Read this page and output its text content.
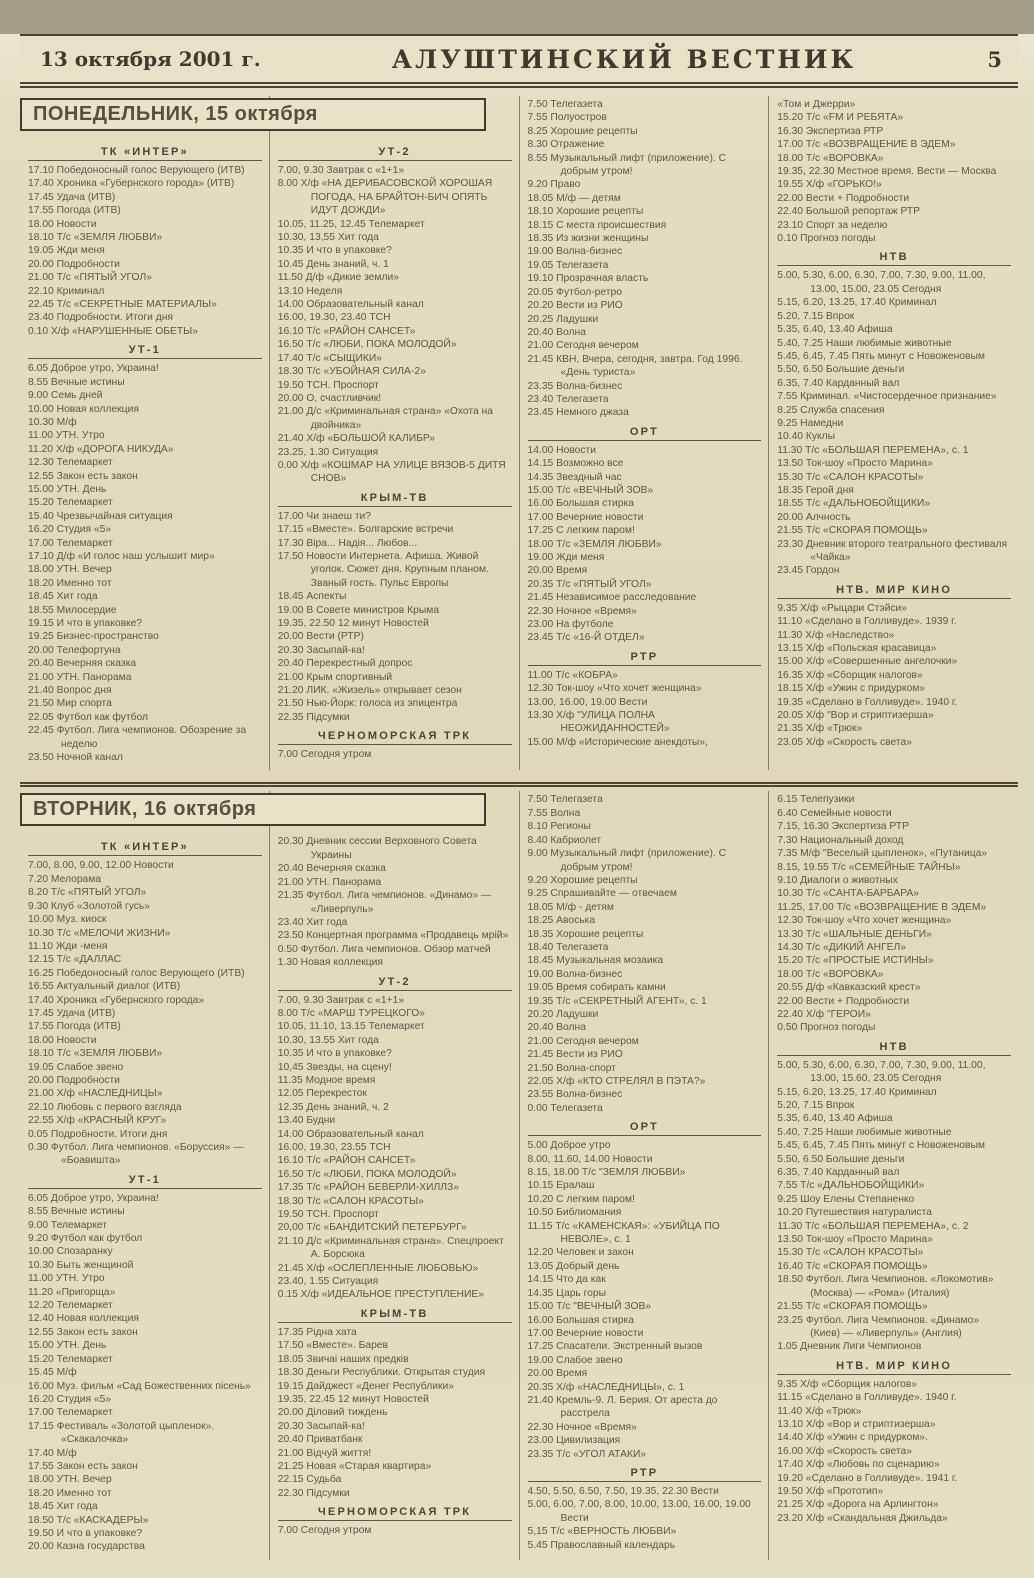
13 октября 2001 г.	АЛУШТИНСКИЙ ВЕСТНИК	5
ПОНЕДЕЛЬНИК, 15 октября
ТК «ИНТЕР»
17.10 Победоносный голос Верующего (ИТВ)
17.40 Хроника «Губернского города» (ИТВ)
17.45 Удача (ИТВ)
17.55 Погода (ИТВ)
18.00 Новости
18.10 Т/с «ЗЕМЛЯ ЛЮБВИ»
19.05 Жди меня
20.00 Подробности
21.00 Т/с «ПЯТЫЙ УГОЛ»
22.10 Криминал
22.45 Т/с «СЕКРЕТНЫЕ МАТЕРИАЛЫ»
23.40 Подробности. Итоги дня
0.10 Х/ф «НАРУШЕННЫЕ ОБЕТЫ»
УТ-1
6.05 Доброе утро, Украина!
8.55 Вечные истины
9.00 Семь дней
10.00 Новая коллекция
10.30 М/ф
11.00 УТН. Утро
11.20 Х/ф «ДОРОГА НИКУДА»
12.30 Телемаркет
12.55 Закон есть закон
15.00 УТН. День
15.20 Телемаркет
15.40 Чрезвычайная ситуация
16.20 Студия «5»
17.00 Телемаркет
17.10 Д/ф «И голос наш услышит мир»
18.00 УТН. Вечер
18.20 Именно тот
18.45 Хит года
18.55 Милосердие
19.15 И что в упаковке?
19.25 Бизнес-пространство
20.00 Телефортуна
20.40 Вечерняя сказка
21.00 УТН. Панорама
21.40 Вопрос дня
21.50 Мир спорта
22.05 Футбол как футбол
22.45 Футбол. Лига чемпионов. Обозрение за неделю
23.50 Ночной канал
УТ-2
7.00, 9.30 Завтрак с «1+1»
8.00 Х/ф «НА ДЕРИБАСОВСКОЙ ХОРОШАЯ ПОГОДА, НА БРАЙТОН-БИЧ ОПЯТЬ ИДУТ ДОЖДИ»
10.05, 11.25, 12.45 Телемаркет
10.30, 13,55 Хит года
10.35 И что в упаковке?
10.45 День знаний, ч. 1
11.50 Д/ф «Дикие земли»
13.10 Неделя
14.00 Образовательный канал
16.00, 19.30, 23.40 ТСН
16.10 Т/с «РАЙОН САНСЕТ»
16.50 Т/с «ЛЮБИ, ПОКА МОЛОДОЙ»
17.40 Т/с «СЫЩИКИ»
18.30 Т/с «УБОЙНАЯ СИЛА-2»
19.50 ТСН. Проспорт
20.00 О, счастливчик!
21.00 Д/с «Криминальная страна» «Охота на двойника»
21.40 Х/ф «БОЛЬШОЙ КАЛИБР»
23.25, 1.30 Ситуация
0.00 Х/ф «КОШМАР НА УЛИЦЕ ВЯЗОВ-5 ДИТЯ СНОВ»
КРЫМ-ТВ
17.00 Чи знаеш ти?
17.15 «Вместе». Болгарские встречи
17.30 Віра... Надія... Любов...
17.50 Новости Интернета. Афиша. Живой уголок. Сюжет дня. Крупным планом. Званый гость. Пульс Европы
18.45 Аспекты
19.00 В Совете министров Крыма
19.35, 22.50 12 минут Новостей
20.00 Вести (РТР)
20.30 Засыпай-ка!
20.40 Перекрестный допрос
21.00 Крым спортивный
21.20 ЛИК. «Жизель» открывает сезон
21.50 Нью-Йорк: голоса из эпицентра
22.35 Підсумки
ЧЕРНОМОРСКАЯ ТРК
7.00 Сегодня утром
7.50 Телегазета
7.55 Полуостров
8.25 Хорошие рецепты
8.30 Отражение
8.55 Музыкальный лифт (приложение). С добрым утром!
9.20 Право
18.05 М/ф — детям
18.10 Хорошие рецепты
18.15 С места происшествия
18.35 Из жизни женщины
19.00 Волна-бизнес
19.05 Телегазета
19.10 Прозрачная власть
20.05 Футбол-ретро
20.20 Вести из РИО
20.25 Ладушки
20.40 Волна
21.00 Сегодня вечером
21.45 КВН, Вчера, сегодня, завтра. Год 1996. «День туриста»
23.35 Волна-бизнес
23.40 Телегазета
23.45 Немного джаза
ОРТ
14.00 Новости
14.15 Возможно все
14.35 Звездный час
15.00 Т/с «ВЕЧНЫЙ ЗОВ»
16.00 Большая стирка
17.00 Вечерние новости
17.25 С легким паром!
18.00 Т/с «ЗЕМЛЯ ЛЮБВИ»
19.00 Жди меня
20.00 Время
20.35 Т/с «ПЯТЫЙ УГОЛ»
21.45 Независимое расследование
22.30 Ночное «Время»
23.00 На футболе
23.45 Т/с «16-Й ОТДЕЛ»
РТР
11.00 Т/с «КОБРА»
12.30 Ток-шоу «Что хочет женщина»
13.00, 16.00, 19.00 Вести
13.30 Х/ф "УЛИЦА ПОЛНА НЕОЖИДАННОСТЕЙ»
15.00 М/ф «Исторические анекдоты»,
«Том и Джерри»
15.20 Т/с «FM И РЕБЯТА»
16.30 Экспертиза РТР
17.00 Т/с «ВОЗВРАЩЕНИЕ В ЭДЕМ»
18.00 Т/с «ВОРОВКА»
19.35, 22.30 Местное время. Вести — Москва
19.55 Х/ф «ГОРЬКО!»
22.00 Вести + Подробности
22.40 Большой репортаж РТР
23.10 Спорт за неделю
0.10 Прогноз погоды
НТВ
5.00, 5.30, 6.00, 6.30, 7.00, 7.30, 9.00, 11.00, 13.00, 15.00, 23.05 Сегодня
5.15, 6.20, 13.25, 17.40 Криминал
5.20, 7.15 Впрок
5.35, 6.40, 13.40 Афиша
5.40, 7.25 Наши любимые животные
5.45, 6.45, 7.45 Пять минут с Новоженовым
5.50, 6.50 Большие деньги
6.35, 7.40 Карданный вал
7.55 Криминал. «Чистосердечное признание»
8.25 Служба спасения
9.25 Намедни
10.40 Куклы
11.30 Т/с «БОЛЬШАЯ ПЕРЕМЕНА», с. 1
13.50 Ток-шоу «Просто Марина»
15.30 Т/с «САЛОН КРАСОТЫ»
18.35 Герой дня
18.55 Т/с «ДАЛЬНОБОЙЩИКИ»
20.00 Алчность
21.55 Т/с «СКОРАЯ ПОМОЩЬ»
23.30 Дневник второго театрального фестиваля «Чайка»
23.45 Гордон
НТВ. МИР КИНО
9.35 Х/ф «Рыцари Стэйси»
11.10 «Сделано в Голливуде». 1939 г.
11.30 Х/ф «Наследство»
13.15 Х/ф «Польская красавица»
15.00 Х/ф «Совершенные ангелочки»
16.35 Х/ф «Сборщик налогов»
18.15 Х/ф «Ужин с придурком»
19.35 «Сделано в Голливуде». 1940 г.
20.05 Х/ф "Вор и стриптизерша»
21.35 Х/ф «Трюк»
23.05 Х/ф «Скорость света»
ВТОРНИК, 16 октября
ТК «ИНТЕР»
7.00, 8.00, 9.00, 12.00 Новости
7.20 Мелорама
8.20 Т/с «ПЯТЫЙ УГОЛ»
9.30 Клуб «Золотой гусь»
10.00 Муз. киоск
10.30 Т/с «МЕЛОЧИ ЖИЗНИ»
11.10 Жди -меня
12.15 Т/с «ДАЛЛАС
16.25 Победоносный голос Верующего (ИТВ)
16.55 Актуальный диалог (ИТВ)
17.40 Хроника «Губернского города»
17.45 Удача (ИТВ)
17.55 Погода (ИТВ)
18.00 Новости
18.10 Т/с «ЗЕМЛЯ ЛЮБВИ»
19.05 Слабое звено
20.00 Подробности
21.00 Х/ф «НАСЛЕДНИЦЫ»
22.10 Любовь с первого взгляда
22.55 Х/ф «КРАСНЫЙ КРУГ»
0.05 Подробности. Итоги дня
0.30 Футбол. Лига чемпионов. «Боруссия» — «Боавишта»
УТ-1
6.05 Доброе утро, Украина!
8.55 Вечные истины
9.00 Телемаркет
9.20 Футбол как футбол
10.00 Спозаранку
10.30 Быть женщиной
11.00 УТН. Утро
11.20 «Пригорща»
12.20 Телемаркет
12.40 Новая коллекция
12.55 Закон есть закон
15.00 УТН. День
15.20 Телемаркет
15.45 М/ф
16.00 Муз. фильм «Сад Божественних пісень»
16.20 Студия «5»
17.00 Телемаркет
17.15 Фестиваль «Золотой цыпленок». «Скакалочка»
17.40 М/ф
17.55 Закон есть закон
18.00 УТН. Вечер
18.20 Именно тот
18.45 Хит года
18.50 Т/с «КАСКАДЕРЫ»
19.50 И что в упаковке?
20.00 Казна государства
20.30 Дневник сессии Верховного Совета Украины
20.40 Вечерняя сказка
21.00 УТН. Панорама
21.35 Футбол. Лига чемпионов. «Динамо» — «Ливерпуль»
23.40 Хит года
23.50 Концертная программа «Продавець мрій»
0.50 Футбол. Лига чемпионов. Обзор матчей
1.30 Новая коллекция
УТ-2
7.00, 9.30 Завтрак с «1+1»
8.00 Т/с «МАРШ ТУРЕЦКОГО»
10.05, 11.10, 13.15 Телемаркет
10.30, 13.55 Хит года
10.35 И что в упаковке?
10,45 Звезды, на сцену!
11.35 Модное время
12.05 Перекресток
12.35 День знаний, ч. 2
13.40 Будни
14.00 Образовательный канал
16.00, 19.30, 23.55 ТСН
16.10 Т/с «РАЙОН САНСЕТ»
16.50 Т/с «ЛЮБИ, ПОКА МОЛОДОЙ»
17.35 Т/с «РАЙОН БЕВЕРЛИ-ХИЛЛЗ»
18.30 Т/с «САЛОН КРАСОТЫ»
19.50 ТСН. Проспорт
20,00 Т/с «БАНДИТСКИЙ ПЕТЕРБУРГ»
21.10 Д/с «Криминальная страна». Спецпроект А. Борсюка
21.45 Х/ф «ОСЛЕПЛЕННЫЕ ЛЮБОВЬЮ»
23.40, 1.55 Ситуация
0.15 Х/ф «ИДЕАЛЬНОЕ ПРЕСТУПЛЕНИЕ»
КРЫМ-ТВ
17.35 Рідна хата
17.50 «Вместе». Барев
18.05 Звичаі наших предків
18.30 Деньги Республики. Открытая студия
19.15 Дайджест «Денег Республики»
19.35, 22.45 12 минут Новостей
20.00 Діловий тиждень
20.30 Засыпай-ка!
20.40 Приватбанк
21.00 Відчуй життя!
21.25 Новая «Старая квартира»
22.15 Судьба
22.30 Підсумки
ЧЕРНОМОРСКАЯ ТРК
7.00 Сегодня утром
7.50 Телегазета
7.55 Волна
8.10 Регионы
8.40 Кабриолет
9.00 Музыкальный лифт (приложение). С добрым утром!
9.20 Хорошие рецепты
9.25 Спрашивайте — отвечаем
18.05 М/ф - детям
18.25 Авоська
18.35 Хорошие рецепты
18.40 Телегазета
18.45 Музыкальная мозаика
19.00 Волна-бизнес
19.05 Время собирать камни
19.35 Т/с «СЕКРЕТНЫЙ АГЕНТ», с. 1
20.20 Ладушки
20.40 Волна
21.00 Сегодня вечером
21.45 Вести из РИО
21.50 Волна-спорт
22.05 Х/ф «КТО СТРЕЛЯЛ В ПЭТА?»
23.55 Волна-бизнес
0.00 Телегазета
ОРТ
5.00 Доброе утро
8.00, 11.60, 14.00 Новости
8.15, 18.00 Т/с "ЗЕМЛЯ ЛЮБВИ»
10.15 Ералаш
10.20 С легким паром!
10.50 Библиомания
11.15 Т/с «КАМЕНСКАЯ»: «УБИЙЦА ПО НЕВОЛЕ», с. 1
12.20 Человек и закон
13.05 Добрый день
14.15 Что да как
14.35 Царь горы
15.00 Т/с "ВЕЧНЫЙ ЗОВ»
16.00 Большая стирка
17.00 Вечерние новости
17.25 Спасатели. Экстренный вызов
19.00 Слабое звено
20.00 Время
20.35 Х/ф «НАСЛЕДНИЦЫ», с. 1
21.40 Кремль-9. Л. Берия. От ареста до расстрела
22.30 Ночное «Время»
23.00 Цивилизация
23.35 Т/с «УГОЛ АТАКИ»
РТР
4.50, 5.50, 6.50, 7.50, 19.35, 22.30 Вести
5.00, 6.00, 7.00, 8.00, 10.00, 13.00, 16.00, 19.00 Вести
5,15 Т/с «ВЕРНОСТЬ ЛЮБВИ»
5.45 Православный календарь
6.15 Телепузики
6.40 Семейные новости
7.15, 16.30 Экспертиза РТР
7.30 Национальный доход
7.35 М/ф "Веселый цыпленок», «Путаница»
8.15, 19.55 Т/с «СЕМЕЙНЫЕ ТАЙНЫ»
9.10 Диалоги о животных
10.30 Т/с «САНТА-БАРБАРА»
11.25, 17.00 Т/с «ВОЗВРАЩЕНИЕ В ЭДЕМ»
12.30 Ток-шоу «Что хочет женщина»
13.30 Т/с «ШАЛЬНЫЕ ДЕНЬГИ»
14.30 Т/с «ДИКИЙ АНГЕЛ»
15.20 Т/с «ПРОСТЫЕ ИСТИНЫ»
18.00 Т/с «ВОРОВКА»
20.55 Д/ф «Кавказский крест»
22.00 Вести + Подробности
22.40 Х/ф "ГЕРОИ»
0.50 Прогноз погоды
НТВ
5.00, 5.30, 6.00, 6.30, 7.00, 7.30, 9.00, 11.00, 13.00, 15.60, 23.05 Сегодня
5.15, 6.20, 13.25, 17.40 Криминал
5.20, 7.15 Впрок
5.35, 6.40, 13.40 Афиша
5.40, 7.25 Наши любимые животные
5.45, 6.45, 7.45 Пять минут с Новоженовым
5.50, 6.50 Большие деньги
6.35, 7.40 Карданный вал
7.55 Т/с «ДАЛЬНОБОЙЩИКИ»
9.25 Шоу Елены Степаненко
10.20 Путешествия натуралиста
11.30 Т/с «БОЛЬШАЯ ПЕРЕМЕНА», с. 2
13.50 Ток-шоу «Просто Марина»
15.30 Т/с «САЛОН КРАСОТЫ»
16.40 Т/с «СКОРАЯ ПОМОЩЬ»
18.50 Футбол. Лига Чемпионов. «Локомотив» (Москва) — «Рома» (Италия)
21.55 Т/с «СКОРАЯ ПОМОЩЬ»
23.25 Футбол. Лига Чемпионов. «Динамо» (Киев) — «Ливерпуль» (Англия)
1.05 Дневник Лиги Чемпионов
НТВ. МИР КИНО
9.35 Х/ф «Сборщик налогов»
11.15 «Сделано в Голливуде». 1940 г.
11.40 Х/ф «Трюк»
13.10 Х/ф «Вор и стриптизерша»
14.40 Х/ф «Ужин с придурком».
16.00 Х/ф «Скорость света»
17.40 Х/ф «Любовь по сценарию»
19.20 «Сделано в Голливуде». 1941 г.
19.50 Х/ф «Прототип»
21.25 Х/ф «Дорога на Арлингтон»
23.20 Х/ф «Скандальная Джильда»
